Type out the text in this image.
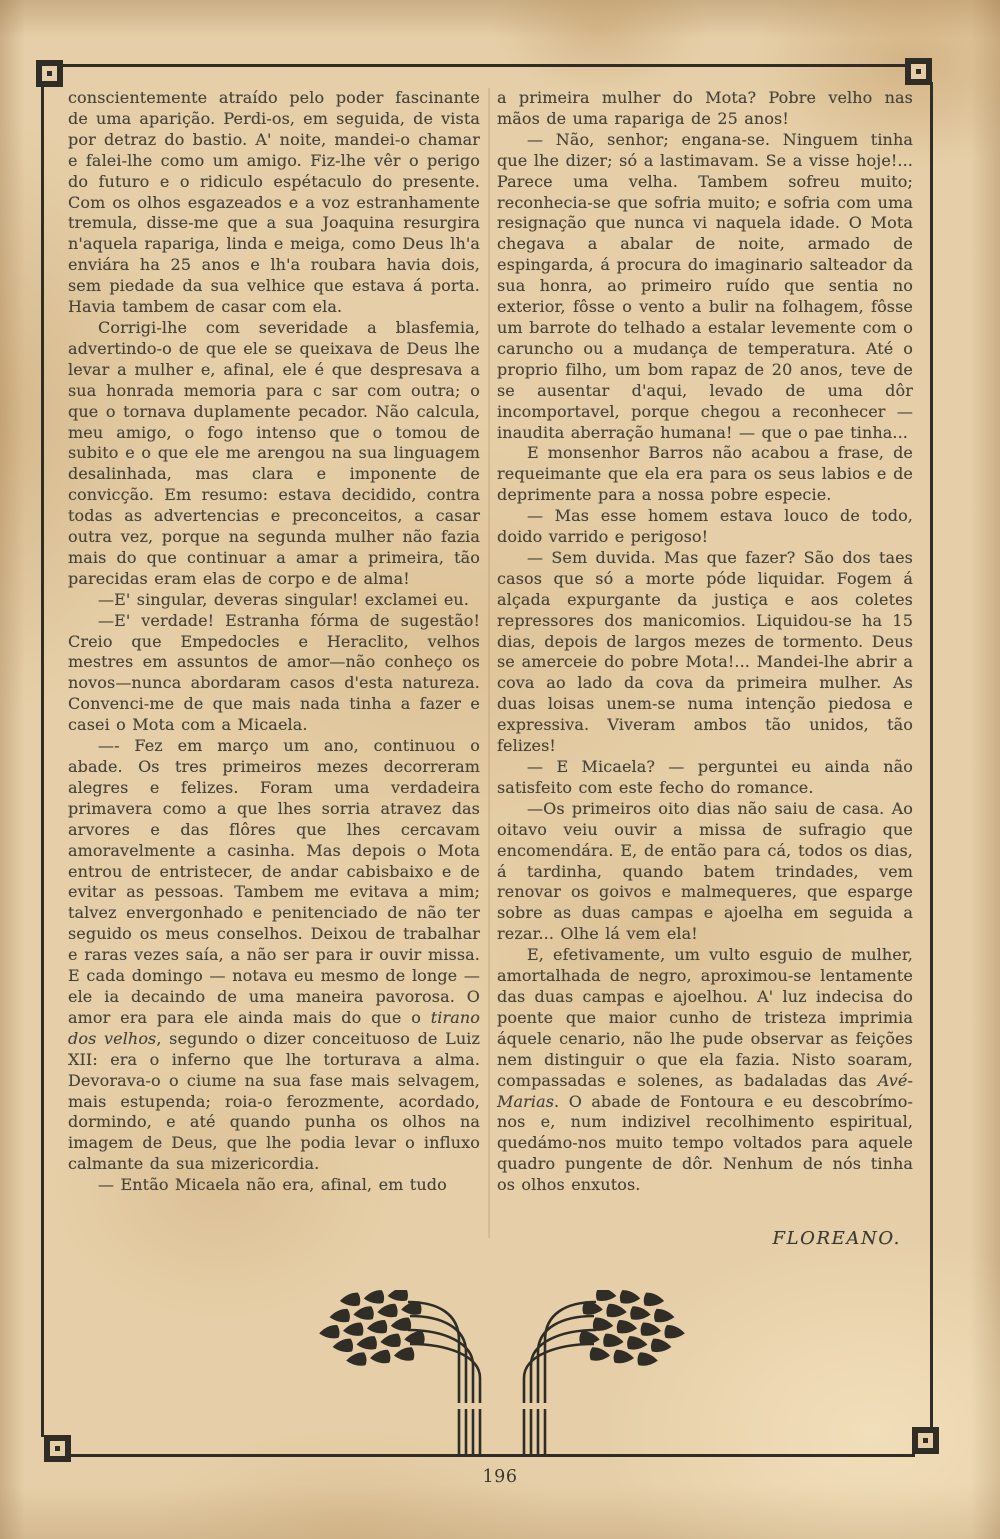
conscientemente atraído pelo poder fascinante de uma aparição. Perdi-os, em seguida, de vista por detraz do bastio. A' noite, mandei-o chamar e falei-lhe como um amigo. Fiz-lhe vêr o perigo do futuro e o ridiculo espétaculo do presente. Com os olhos esgazeados e a voz estranhamente tremula, disse-me que a sua Joaquina resurgira n'aquela rapariga, linda e meiga, como Deus lh'a enviára ha 25 anos e lh'a roubara havia dois, sem piedade da sua velhice que estava á porta. Havia tambem de casar com ela.

Corrigi-lhe com severidade a blasfemia, advertindo-o de que ele se queixava de Deus lhe levar a mulher e, afinal, ele é que despresava a sua honrada memoria para c sar com outra; o que o tornava duplamente pecador. Não calcula, meu amigo, o fogo intenso que o tomou de subito e o que ele me arengou na sua linguagem desalinhada, mas clara e imponente de convicção. Em resumo: estava decidido, contra todas as advertencias e preconceitos, a casar outra vez, porque na segunda mulher não fazia mais do que continuar a amar a primeira, tão parecidas eram elas de corpo e de alma!

—E' singular, deveras singular! exclamei eu.

—E' verdade! Estranha fórma de sugestão! Creio que Empedocles e Heraclito, velhos mestres em assuntos de amor—não conheço os novos—nunca abordaram casos d'esta natureza. Convenci-me de que mais nada tinha a fazer e casei o Mota com a Micaela.

—- Fez em março um ano, continuou o abade. Os tres primeiros mezes decorreram alegres e felizes. Foram uma verdadeira primavera como a que lhes sorria atravez das arvores e das flôres que lhes cercavam amoravelmente a casinha. Mas depois o Mota entrou de entristecer, de andar cabisbaixo e de evitar as pessoas. Tambem me evitava a mim; talvez envergonhado e penitenciado de não ter seguido os meus conselhos. Deixou de trabalhar e raras vezes saía, a não ser para ir ouvir missa. E cada domingo — notava eu mesmo de longe — ele ia decaindo de uma maneira pavorosa. O amor era para ele ainda mais do que o tirano dos velhos, segundo o dizer conceituoso de Luiz XII: era o inferno que lhe torturava a alma. Devorava-o o ciume na sua fase mais selvagem, mais estupenda; roia-o ferozmente, acordado, dormindo, e até quando punha os olhos na imagem de Deus, que lhe podia levar o influxo calmante da sua mizericordia.

— Então Micaela não era, afinal, em tudo

a primeira mulher do Mota? Pobre velho nas mãos de uma rapariga de 25 anos!

— Não, senhor; engana-se. Ninguem tinha que lhe dizer; só a lastimavam. Se a visse hoje!... Parece uma velha. Tambem sofreu muito; reconhecia-se que sofria muito; e sofria com uma resignação que nunca vi naquela idade. O Mota chegava a abalar de noite, armado de espingarda, á procura do imaginario salteador da sua honra, ao primeiro ruído que sentia no exterior, fôsse o vento a bulir na folhagem, fôsse um barrote do telhado a estalar levemente com o caruncho ou a mudança de temperatura. Até o proprio filho, um bom rapaz de 20 anos, teve de se ausentar d'aqui, levado de uma dôr incomportavel, porque chegou a reconhecer — inaudita aberração humana! — que o pae tinha...

E monsenhor Barros não acabou a frase, de requeimante que ela era para os seus labios e de deprimente para a nossa pobre especie.

— Mas esse homem estava louco de todo, doido varrido e perigoso!

— Sem duvida. Mas que fazer? São dos taes casos que só a morte póde liquidar. Fogem á alçada expurgante da justiça e aos coletes repressores dos manicomios. Liquidou-se ha 15 dias, depois de largos mezes de tormento. Deus se amerceie do pobre Mota!... Mandei-lhe abrir a cova ao lado da cova da primeira mulher. As duas loisas unem-se numa intenção piedosa e expressiva. Viveram ambos tão unidos, tão felizes!

— E Micaela? — perguntei eu ainda não satisfeito com este fecho do romance.

—Os primeiros oito dias não saiu de casa. Ao oitavo veiu ouvir a missa de sufragio que encomendára. E, de então para cá, todos os dias, á tardinha, quando batem trindades, vem renovar os goivos e malmequeres, que esparge sobre as duas campas e ajoelha em seguida a rezar... Olhe lá vem ela!

E, efetivamente, um vulto esguio de mulher, amortalhada de negro, aproximou-se lentamente das duas campas e ajoelhou. A' luz indecisa do poente que maior cunho de tristeza imprimia áquele cenario, não lhe pude observar as feições nem distinguir o que ela fazia. Nisto soaram, compassadas e solenes, as badaladas das Avé-Marias. O abade de Fontoura e eu descobrímo-nos e, num indizivel recolhimento espiritual, quedámo-nos muito tempo voltados para aquele quadro pungente de dôr. Nenhum de nós tinha os olhos enxutos.

FLOREANO.
196
